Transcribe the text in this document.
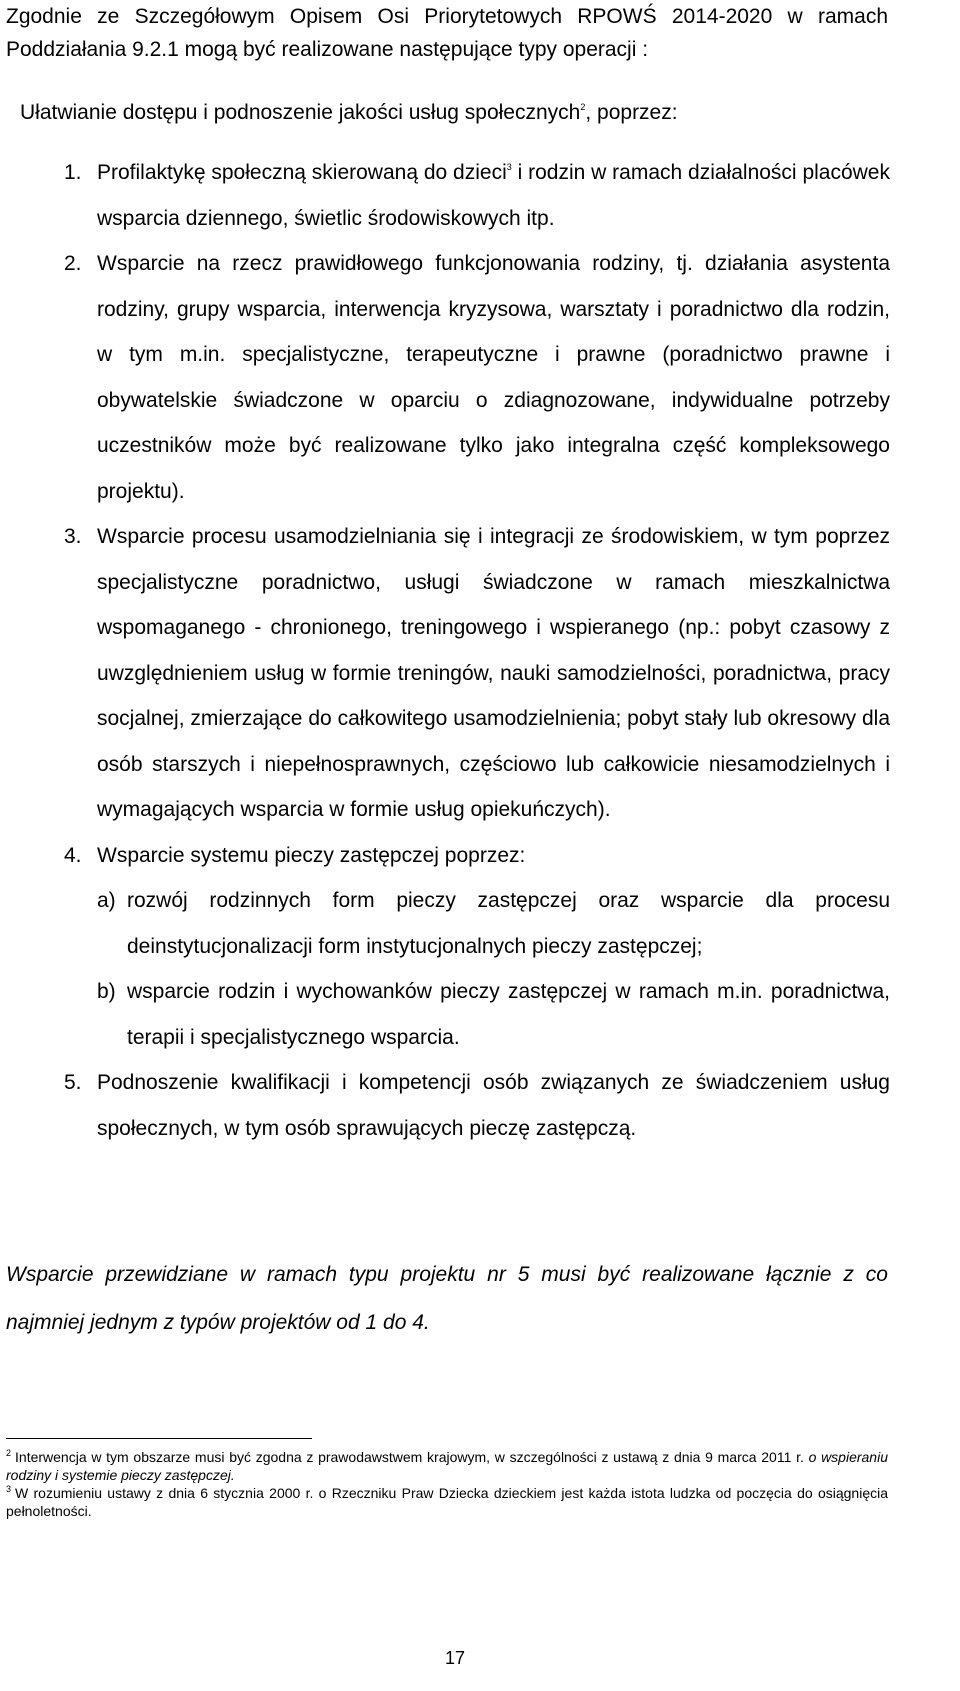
Zgodnie ze Szczegółowym Opisem Osi Priorytetowych RPOWŚ 2014-2020 w ramach Poddziałania 9.2.1 mogą być realizowane następujące typy operacji :

Ułatwianie dostępu i podnoszenie jakości usług społecznych$^2$, poprzez:

1. Profilaktykę społeczną skierowaną do dzieci$^3$ i rodzin w ramach działalności placówek wsparcia dziennego, świetlic środowiskowych itp.

2. Wsparcie na rzecz prawidłowego funkcjonowania rodziny, tj. działania asystenta rodziny, grupy wsparcia, interwencja kryzysowa, warsztaty i poradnictwo dla rodzin, w tym m.in. specjalistyczne, terapeutyczne i prawne (poradnictwo prawne i obywatelskie świadczone w oparciu o zdiagnozowane, indywidualne potrzeby uczestników może być realizowane tylko jako integralna część kompleksowego projektu).

3. Wsparcie procesu usamodzielniania się i integracji ze środowiskiem, w tym poprzez specjalistyczne poradnictwo, usługi świadczone w ramach mieszkalnictwa wspomaganego - chronionego, treningowego i wspieranego (np.: pobyt czasowy z uwzględnieniem usług w formie treningów, nauki samodzielności, poradnictwa, pracy socjalnej, zmierzające do całkowitego usamodzielnienia; pobyt stały lub okresowy dla osób starszych i niepełnosprawnych, częściowo lub całkowicie niesamodzielnych i wymagających wsparcia w formie usług opiekuńczych).

4. Wsparcie systemu pieczy zastępczej poprzez:

a) rozwój rodzinnych form pieczy zastępczej oraz wsparcie dla procesu deinstytucjonalizacji form instytucjonalnych pieczy zastępczej;

b) wsparcie rodzin i wychowanków pieczy zastępczej w ramach m.in. poradnictwa, terapii i specjalistycznego wsparcia.

5. Podnoszenie kwalifikacji i kompetencji osób związanych ze świadczeniem usług społecznych, w tym osób sprawujących pieczę zastępczą.

Wsparcie przewidziane w ramach typu projektu nr 5 musi być realizowane łącznie z co najmniej jednym z typów projektów od 1 do 4.

$^2$ Interwencja w tym obszarze musi być zgodna z prawodawstwem krajowym, w szczególności z ustawą z dnia 9 marca 2011 r. o wspieraniu rodziny i systemie pieczy zastępczej.
$^3$ W rozumieniu ustawy z dnia 6 stycznia 2000 r. o Rzeczniku Praw Dziecka dzieckiem jest każda istota ludzka od poczęcia do osiągnięcia pełnoletności.

17
